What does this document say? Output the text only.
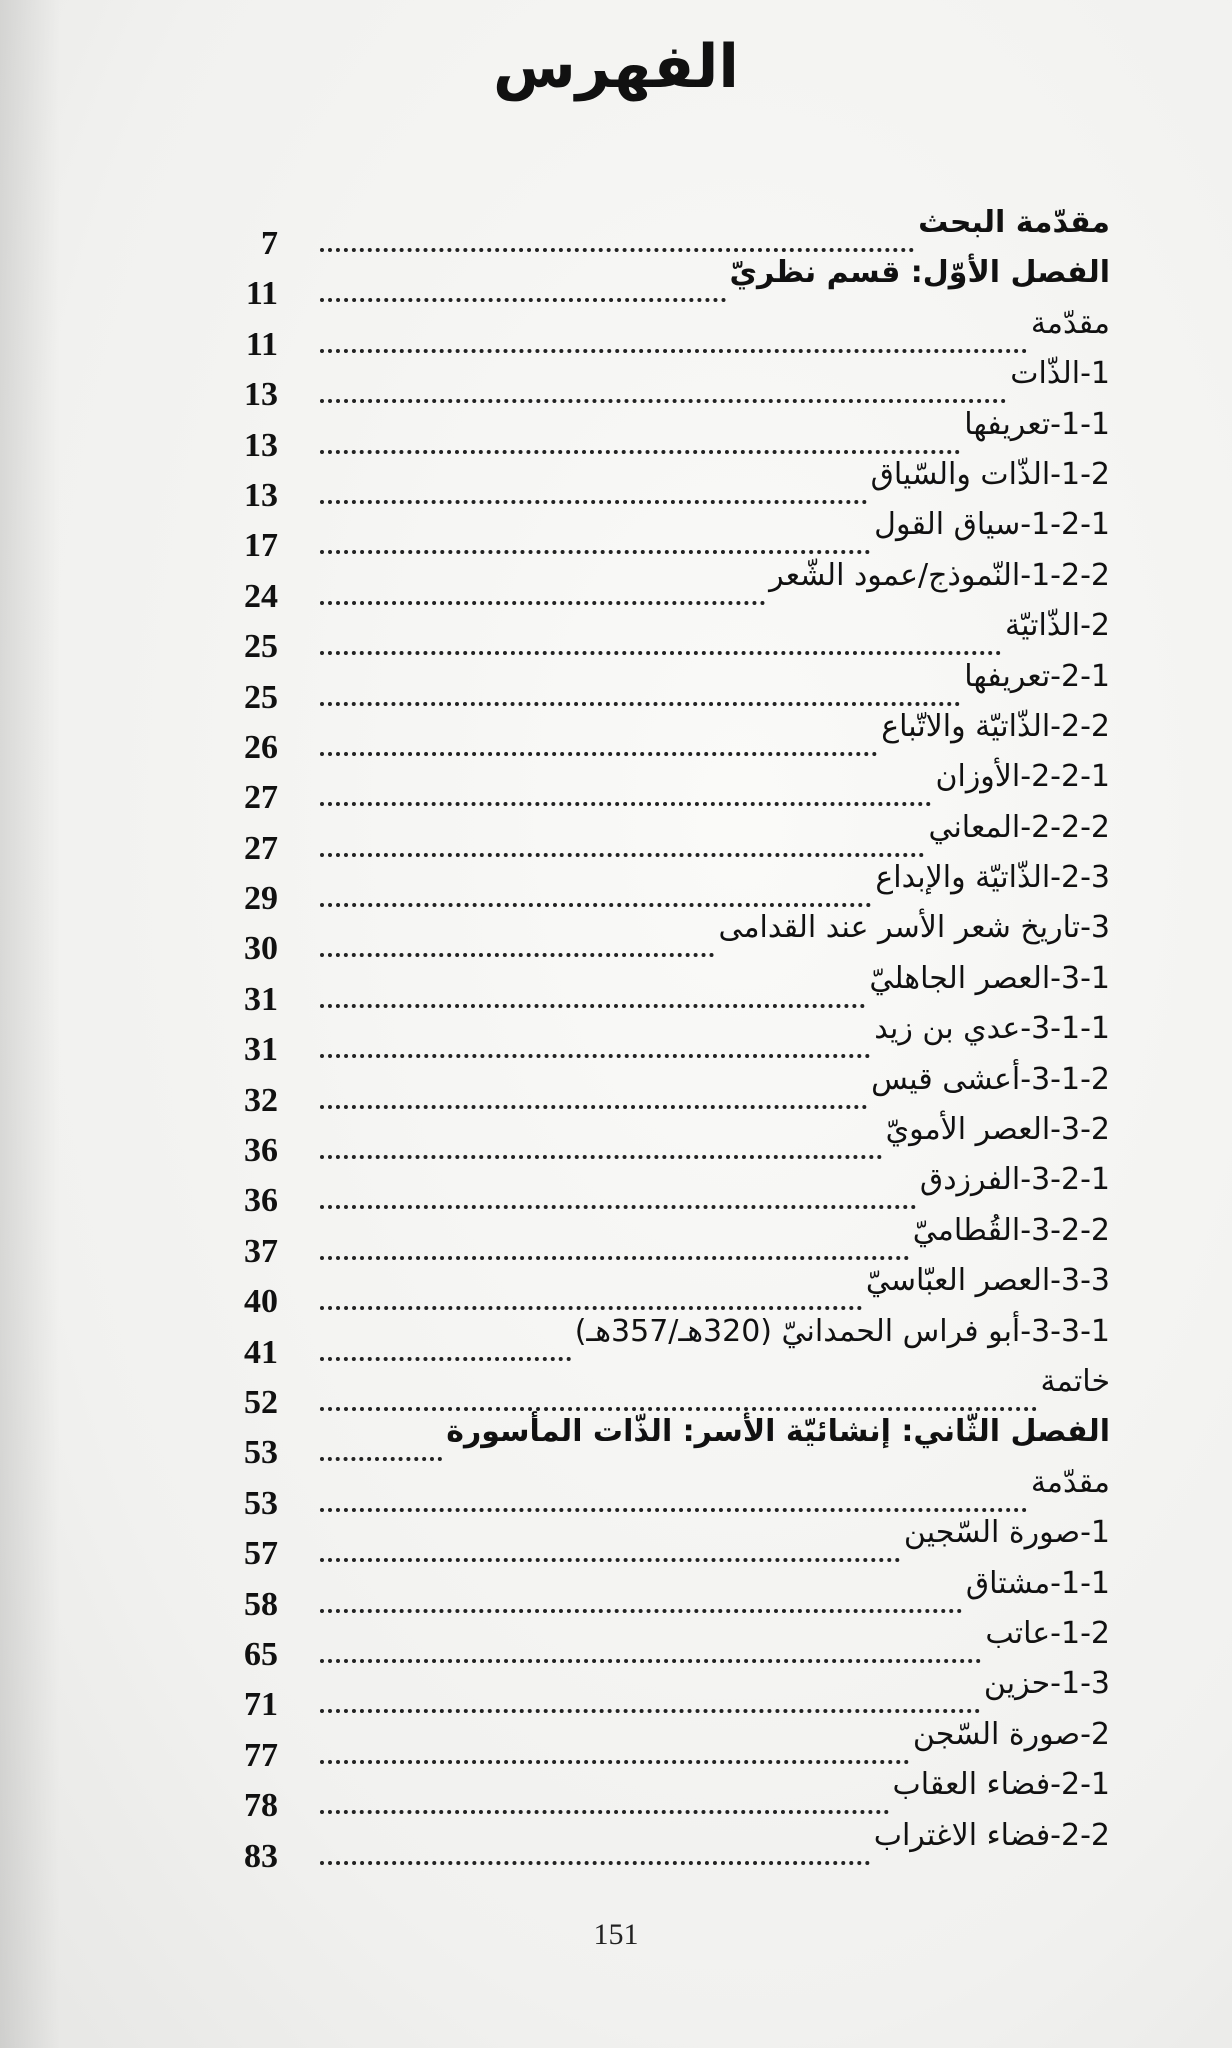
الفهرس
7
مقدّمة البحث
11
الفصل الأوّل: قسم نظريّ
11
مقدّمة
13
1-الذّات
13
1-1-تعريفها
13
1-2-الذّات والسّياق
17
1-2-1-سياق القول
24
1-2-2-النّموذج/عمود الشّعر
25
2-الذّاتيّة
25
2-1-تعريفها
26
2-2-الذّاتيّة والاتّباع
27
2-2-1-الأوزان
27
2-2-2-المعاني
29
2-3-الذّاتيّة والإبداع
30
3-تاريخ شعر الأسر عند القدامى
31
3-1-العصر الجاهليّ
31
3-1-1-عدي بن زيد
32
3-1-2-أعشى قيس
36
3-2-العصر الأمويّ
36
3-2-1-الفرزدق
37
3-2-2-القُطاميّ
40
3-3-العصر العبّاسيّ
41
3-3-1-أبو فراس الحمدانيّ (320هـ/357هـ)
52
خاتمة
53
الفصل الثّاني: إنشائيّة الأسر: الذّات المأسورة
53
مقدّمة
57
1-صورة السّجين
58
1-1-مشتاق
65
1-2-عاتب
71
1-3-حزين
77
2-صورة السّجن
78
2-1-فضاء العقاب
83
2-2-فضاء الاغتراب
151
